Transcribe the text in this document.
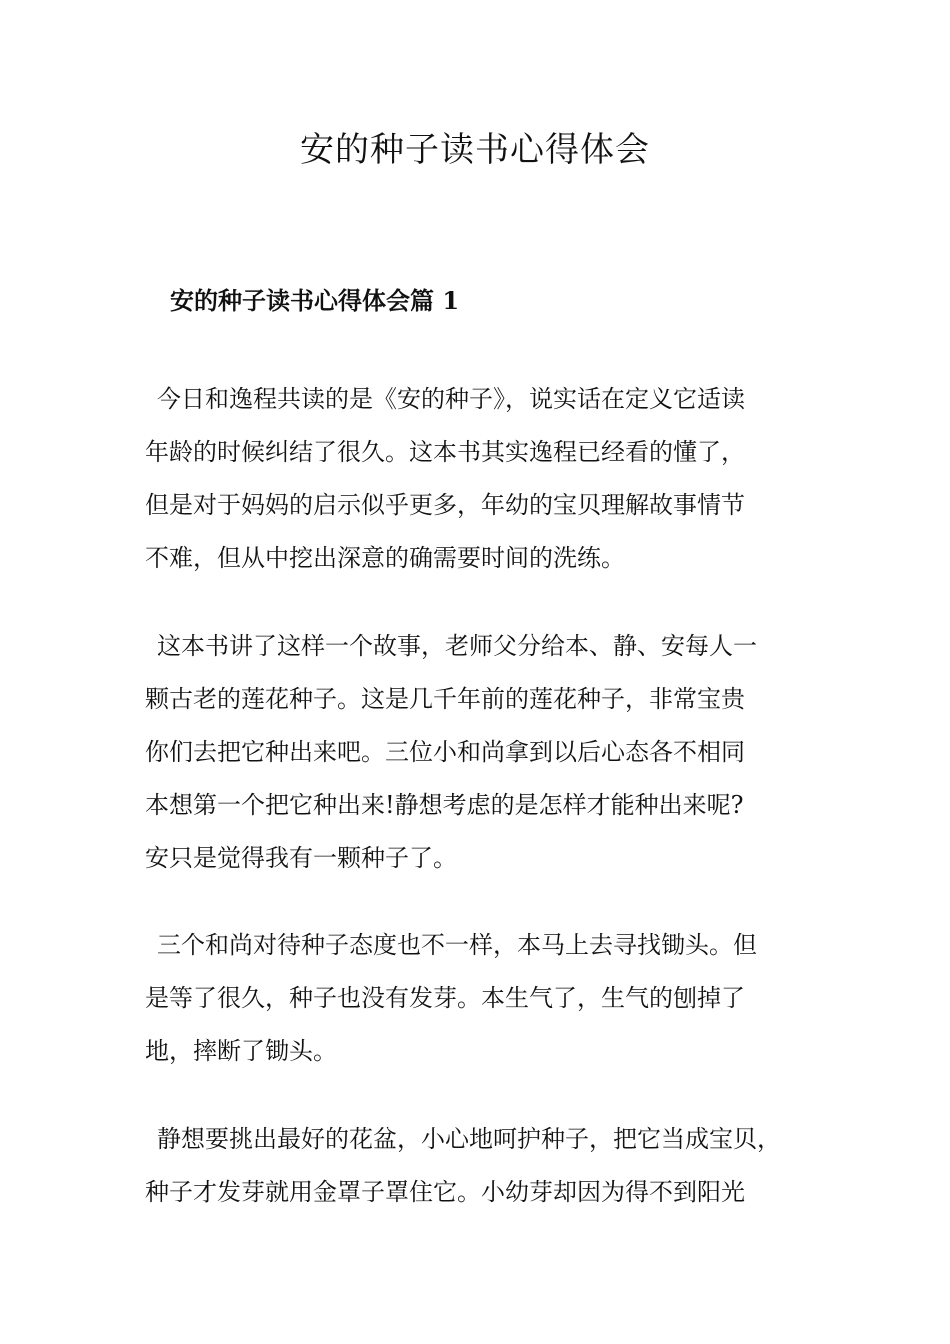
安的种子读书心得体会
安的种子读书心得体会篇 1

今日和逸程共读的是《安的种子》，说实话在定义它适读
年龄的时候纠结了很久。这本书其实逸程已经看的懂了，
但是对于妈妈的启示似乎更多，年幼的宝贝理解故事情节
不难，但从中挖出深意的确需要时间的洗练。

这本书讲了这样一个故事，老师父分给本、静、安每人一
颗古老的莲花种子。这是几千年前的莲花种子，非常宝贵
你们去把它种出来吧。三位小和尚拿到以后心态各不相同
本想第一个把它种出来!静想考虑的是怎样才能种出来呢?
安只是觉得我有一颗种子了。

三个和尚对待种子态度也不一样，本马上去寻找锄头。但
是等了很久，种子也没有发芽。本生气了，生气的刨掉了
地，摔断了锄头。

静想要挑出最好的花盆，小心地呵护种子，把它当成宝贝，
种子才发芽就用金罩子罩住它。小幼芽却因为得不到阳光
